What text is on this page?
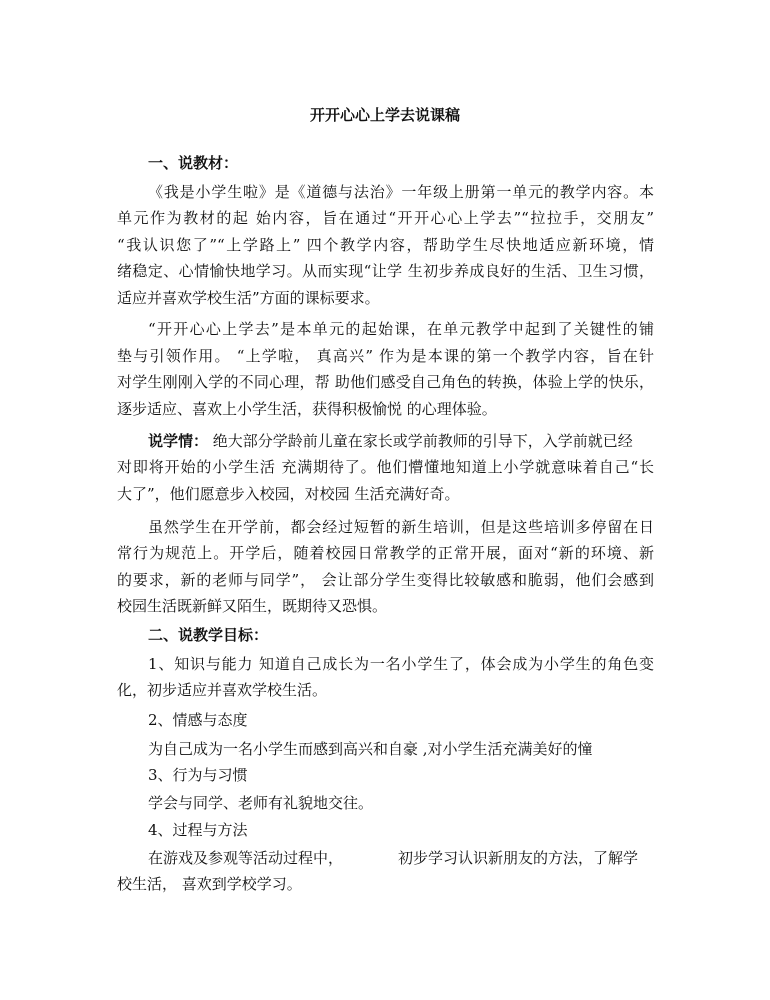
开开心心上学去说课稿
一、说教材：
《我是小学生啦》是《道德与法治》一年级上册第一单元的教学内容。本
单元作为教材的起 始内容，旨在通过“开开心心上学去”“拉拉手，交朋友”
“我认识您了”“上学路上” 四个教学内容，帮助学生尽快地适应新环境，情
绪稳定、心情愉快地学习。从而实现“让学 生初步养成良好的生活、卫生习惯，
适应并喜欢学校生活”方面的课标要求。
“开开心心上学去”是本单元的起始课，在单元教学中起到了关键性的铺
垫与引领作用。 “上学啦， 真高兴” 作为是本课的第一个教学内容，旨在针
对学生刚刚入学的不同心理，帮 助他们感受自己角色的转换，体验上学的快乐，
逐步适应、喜欢上小学生活，获得积极愉悦 的心理体验。
说学情： 绝大部分学龄前儿童在家长或学前教师的引导下，入学前就已经
对即将开始的小学生活 充满期待了。他们懵懂地知道上小学就意味着自己“长
大了”，他们愿意步入校园，对校园 生活充满好奇。
虽然学生在开学前，都会经过短暂的新生培训，但是这些培训多停留在日
常行为规范上。开学后，随着校园日常教学的正常开展，面对“新的环境、新
的要求，新的老师与同学”， 会让部分学生变得比较敏感和脆弱，他们会感到
校园生活既新鲜又陌生，既期待又恐惧。
二、说教学目标：
1、知识与能力 知道自己成长为一名小学生了，体会成为小学生的角色变
化，初步适应并喜欢学校生活。
2、情感与态度
为自己成为一名小学生而感到高兴和自豪 ,对小学生活充满美好的憧
3、行为与习惯
学会与同学、老师有礼貌地交往。
4、过程与方法
在游戏及参观等活动过程中，	初步学习认识新朋友的方法，了解学
校生活， 喜欢到学校学习。
